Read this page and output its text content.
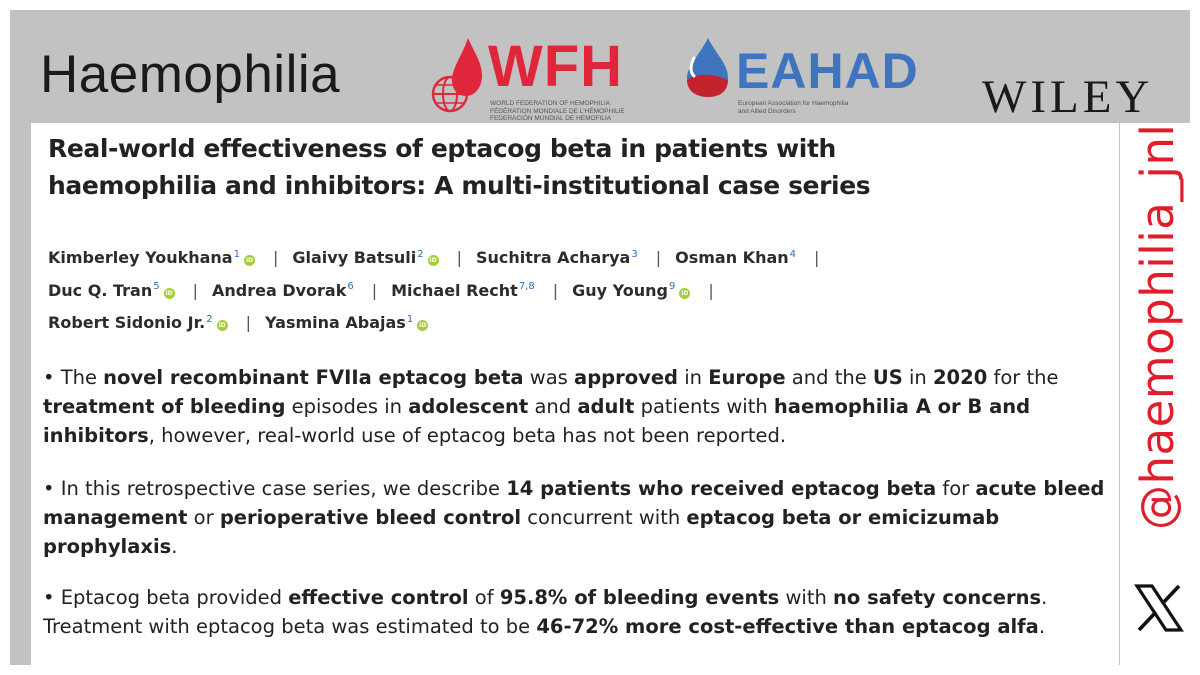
Haemophilia	WFH
WORLD FEDERATION OF HEMOPHILIA
FÉDÉRATION MONDIALE DE L'HÉMOPHILIE
FEDERACIÓN MUNDIAL DE HEMOFILIA
EAHAD
European Association for Haemophilia
and Allied Disorders	WILEY
Real-world effectiveness of eptacog beta in patients with
haemophilia and inhibitors: A multi-institutional case series
Kimberley Youkhana$^1$iD | Glaivy Batsuli$^2$iD | Suchitra Acharya$^3$ | Osman Khan$^4$ |
Duc Q. Tran$^5$iD | Andrea Dvorak$^6$ | Michael Recht$^{7,8}$ | Guy Young$^9$iD |
Robert Sidonio Jr.$^2$iD | Yasmina Abajas$^1$iD
• The novel recombinant FVIIa eptacog beta was approved in Europe and the US in 2020 for the treatment of bleeding episodes in adolescent and adult patients with haemophilia A or B and inhibitors, however, real-world use of eptacog beta has not been reported.
• In this retrospective case series, we describe 14 patients who received eptacog beta for acute bleed management or perioperative bleed control concurrent with eptacog beta or emicizumab prophylaxis.
• Eptacog beta provided effective control of 95.8% of bleeding events with no safety concerns. Treatment with eptacog beta was estimated to be 46-72% more cost-effective than eptacog alfa.
@haemophilia_jnl
